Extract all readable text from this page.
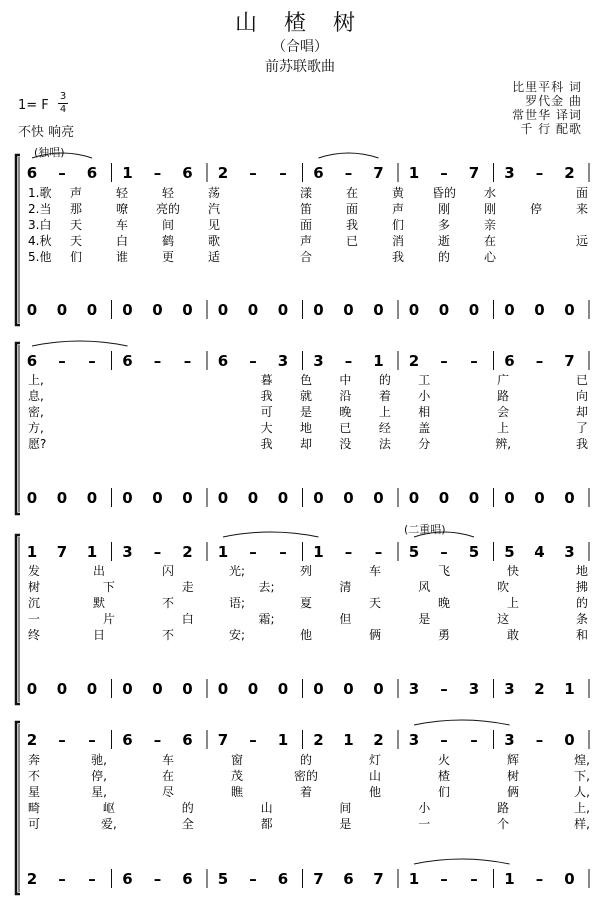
山 楂 树
（合唱）
前苏联歌曲
比里平科 词
罗代金 曲
常世华 译词
千 行 配歌
1= F
3
4
不快 响亮
(独唱)
(二重唱)
6 – 6 1 – 6 2 – – 6 – 7 1 – 7 3 – 2
0 0 0 0 0 0 0 0 0 0 0 0 0 0 0 0 0 0
1.歌 声	轻	轻	荡	漾	在	黄 昏的 水	面
2.当 那	嘹 亮的 汽	笛	面	声	刚	刚	停	来
3.白 天	车	间	见	面	我	们	多	亲
4.秋 天	白	鹤	歌	声	已	消	逝	在	远
5.他 们	谁	更	适	合	我	的	心
6 – – 6 – – 6 – 3 3 – 1 2 – – 6 – 7
0 0 0 0 0 0 0 0 0 0 0 0 0 0 0 0 0 0
上,	暮 色 中 的 工	广	已
息,	我 就 沿 着 小	路	向
密,	可 是 晚 上 相	会	却
方,	大 地 已 经 盖	上	了
愿?	我 却 没 法 分	辨,	我
1 7 1 3 – 2 1 – – 1 – – 5 – 5 5 4 3
0 0 0 0 0 0 0 0 0 0 0 0 3 – 3 3 2 1
发	出	闪	光;	列	车	飞	快	地
树	下	走	去;	清	风	吹	拂
沉	默	不	语;	夏	天	晚	上	的
一	片	白	霜;	但	是	这	条
终	日	不	安;	他	俩	勇	敢	和
2 – – 6 – 6 7 – 1 2 1 2 3 – – 3 – 0
2 – – 6 – 6 5 – 6 7 6 7 1 – – 1 – 0
奔	驰,	车	窗	的	灯	火	辉	煌,
不	停,	在	茂	密的	山	楂	树	下,
星	星,	尽	瞧	着	他	们	俩	人,
畸	岖	的	山	间	小	路	上,
可	爱,	全	都	是	一	个	样,
